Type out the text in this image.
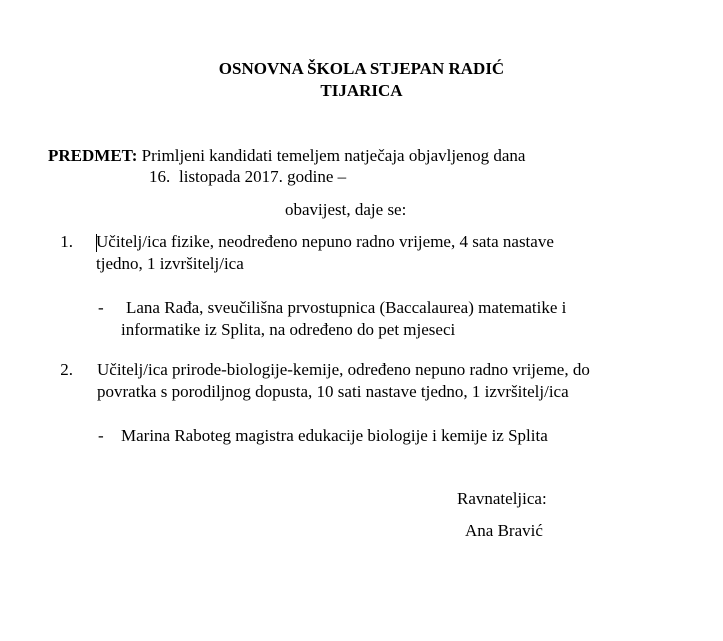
OSNOVNA ŠKOLA STJEPAN RADIĆ
TIJARICA
PREDMET: Primljeni kandidati temeljem natječaja objavljenog dana
16. listopada 2017. godine –
obavijest, daje se:
1. Učitelj/ica fizike, neodređeno nepuno radno vrijeme, 4 sata nastave
tjedno, 1 izvršitelj/ica
- Lana Rađa, sveučilišna prvostupnica (Baccalaurea) matematike i
informatike iz Splita, na određeno do pet mjeseci
2. Učitelj/ica prirode-biologije-kemije, određeno nepuno radno vrijeme, do
povratka s porodiljnog dopusta, 10 sati nastave tjedno, 1 izvršitelj/ica
- Marina Raboteg magistra edukacije biologije i kemije iz Splita
Ravnateljica:
Ana Bravić
